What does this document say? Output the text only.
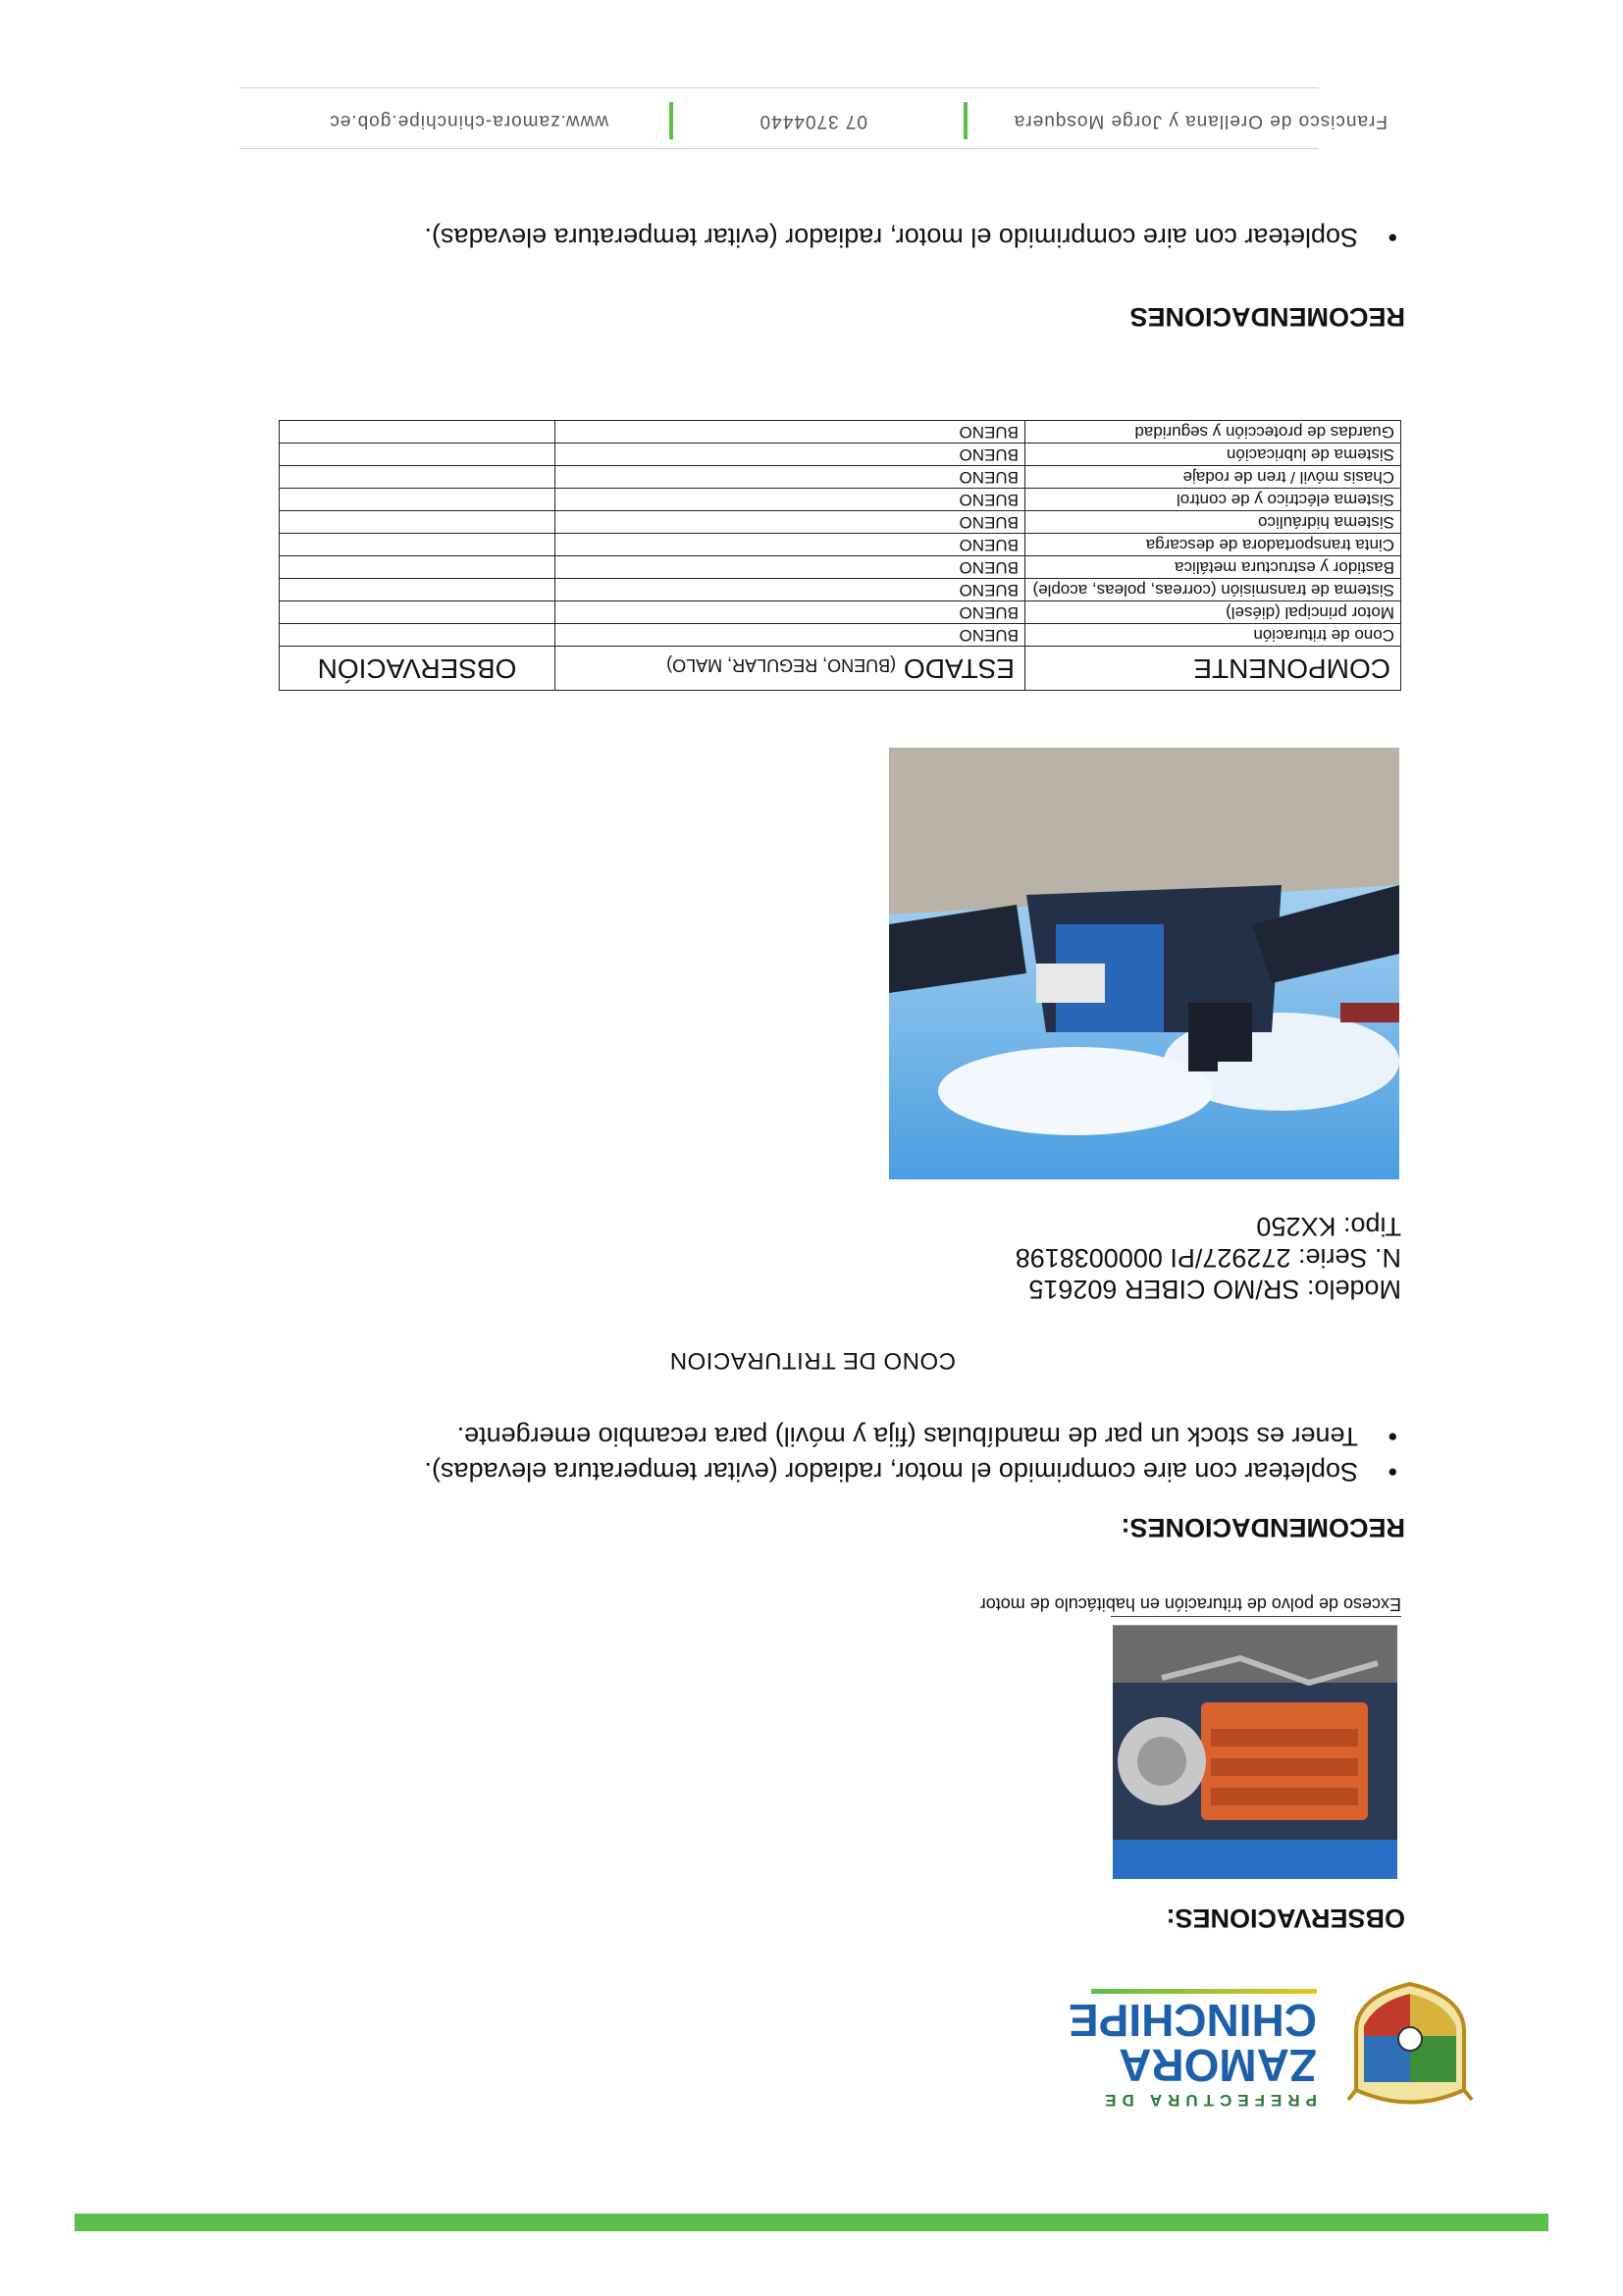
PREFECTURA DE
ZAMORA
CHINCHIPE
OBSERVACIONES:
Exceso de polvo de trituración en habitáculo de motor
RECOMENDACIONES:
• Sopletear con aire comprimido el motor, radiador (evitar temperatura elevadas).
• Tener es stock un par de mandíbulas (fija y móvil) para recambio emergente.
CONO DE TRITURACION
Modelo: SR/MO CIBER 602615
N. Serie: 272927/PI 0000038198
Tipo: KX250
COMPONENTE	ESTADO (BUENO, REGULAR, MALO)	OBSERVACIÓN
Cono de trituración	BUENO	
Motor principal (diésel)	BUENO	
Sistema de transmisión (correas, poleas, acople)	BUENO	
Bastidor y estructura metálica	BUENO	
Cinta transportadora de descarga	BUENO	
Sistema hidráulico	BUENO	
Sistema eléctrico y de control	BUENO	
Chasis móvil / tren de rodaje	BUENO	
Sistema de lubricación	BUENO	
Guardas de protección y seguridad	BUENO	
RECOMENDACIONES
• Sopletear con aire comprimido el motor, radiador (evitar temperatura elevadas).
Francisco de Orellana y Jorge Mosquera
07 3704440
www.zamora-chinchipe.gob.ec
